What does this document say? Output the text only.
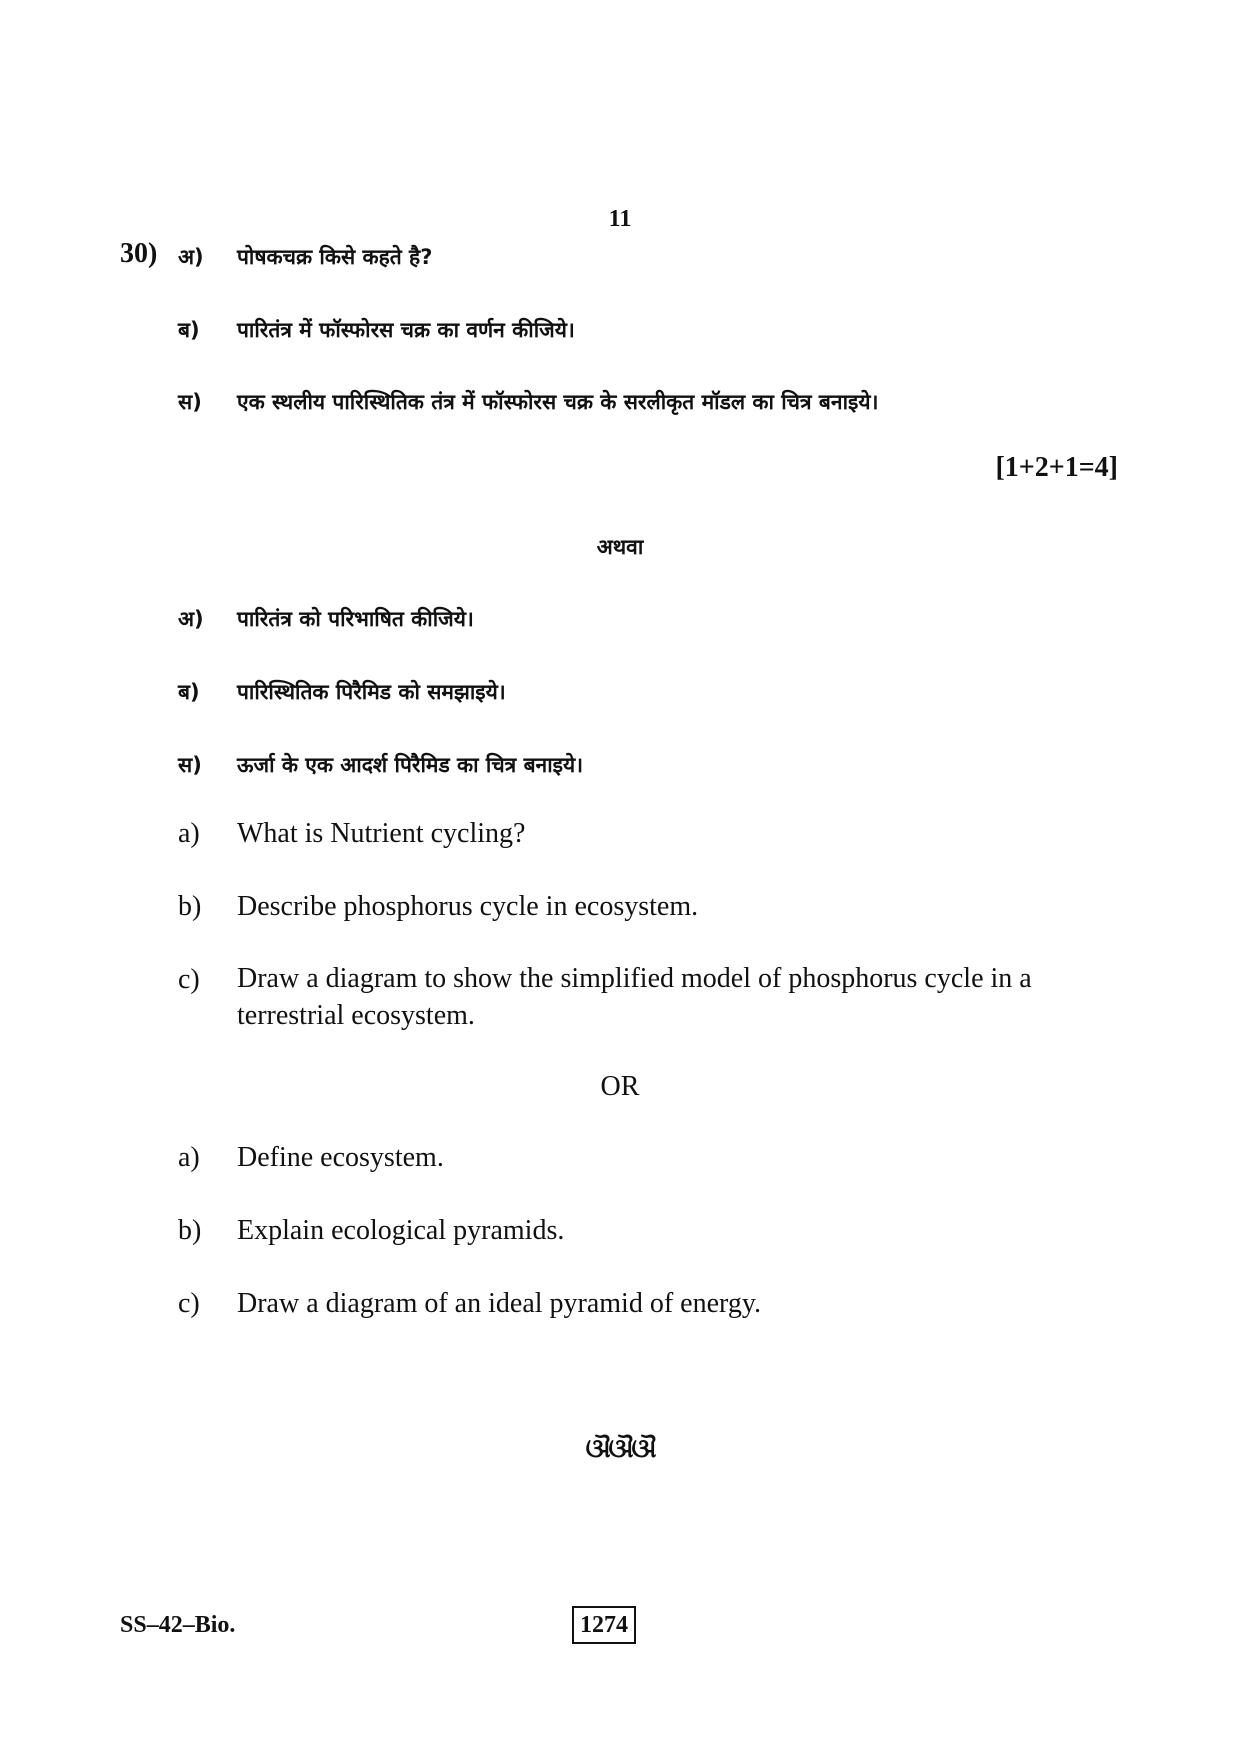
11
30) अ) पोषकचक्र किसे कहते है?
ब) पारितंत्र में फॉस्फोरस चक्र का वर्णन कीजिये।
स) एक स्थलीय पारिस्थितिक तंत्र में फॉस्फोरस चक्र के सरलीकृत मॉडल का चित्र बनाइये।
[1+2+1=4]
अथवा
अ) पारितंत्र को परिभाषित कीजिये।
ब) पारिस्थितिक पिरैमिड को समझाइये।
स) ऊर्जा के एक आदर्श पिरैमिड का चित्र बनाइये।
a) What is Nutrient cycling?
b) Describe phosphorus cycle in ecosystem.
c) Draw a diagram to show the simplified model of phosphorus cycle in a terrestrial ecosystem.
OR
a) Define ecosystem.
b) Explain ecological pyramids.
c) Draw a diagram of an ideal pyramid of energy.
ଔଔଔ
SS–42–Bio.	1274
